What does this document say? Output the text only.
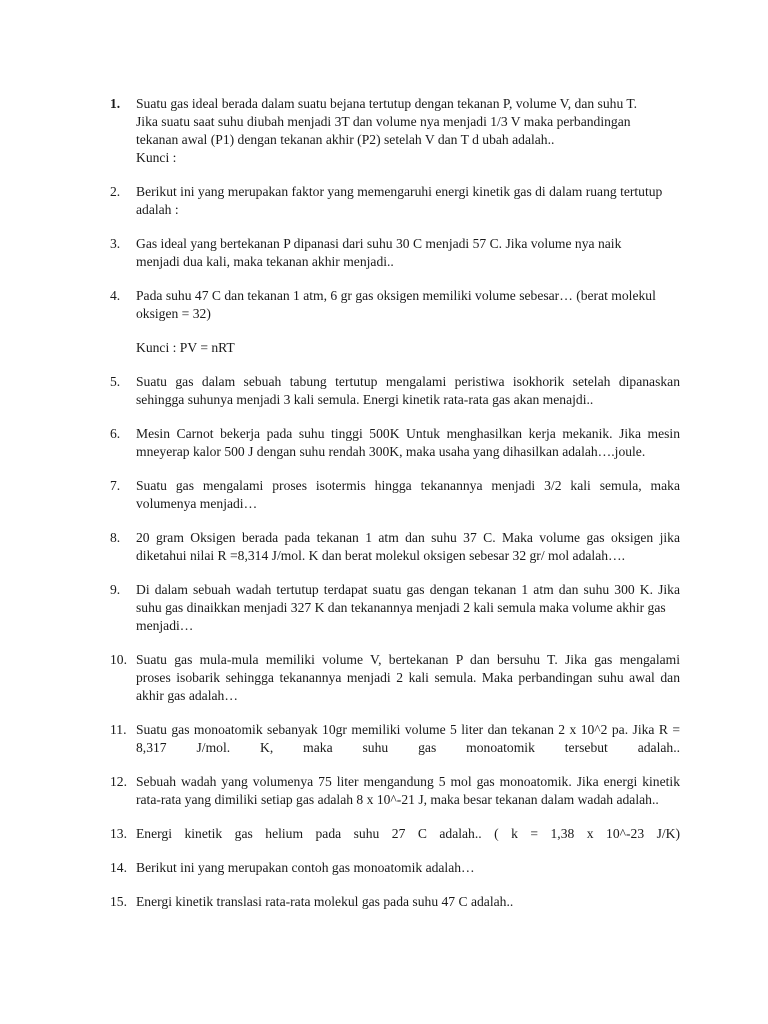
1. Suatu gas ideal berada dalam suatu bejana tertutup dengan tekanan P, volume V, dan suhu T.
Jika suatu saat suhu diubah menjadi 3T dan volume nya menjadi 1/3 V maka perbandingan
tekanan awal (P1) dengan tekanan akhir (P2) setelah V dan T d ubah adalah..
Kunci :
2. Berikut ini yang merupakan faktor yang memengaruhi energi kinetik gas di dalam ruang tertutup
adalah :
3. Gas ideal yang bertekanan P dipanasi dari suhu 30 C menjadi 57 C. Jika volume nya naik
menjadi dua kali, maka tekanan akhir menjadi..
4. Pada suhu 47 C dan tekanan 1 atm, 6 gr gas oksigen memiliki volume sebesar… (berat molekul
oksigen = 32)
Kunci : PV = nRT
5. Suatu gas dalam sebuah tabung tertutup mengalami peristiwa isokhorik setelah dipanaskan
sehingga suhunya menjadi 3 kali semula. Energi kinetik rata-rata gas akan menajdi..
6. Mesin Carnot bekerja pada suhu tinggi 500K Untuk menghasilkan kerja mekanik. Jika mesin
mneyerap kalor 500 J dengan suhu rendah 300K, maka usaha yang dihasilkan adalah….joule.
7. Suatu gas mengalami proses isotermis hingga tekanannya menjadi 3/2 kali semula, maka
volumenya menjadi…
8. 20 gram Oksigen berada pada tekanan 1 atm dan suhu 37 C. Maka volume gas oksigen jika
diketahui nilai R =8,314 J/mol. K dan berat molekul oksigen sebesar 32 gr/ mol adalah….
9. Di dalam sebuah wadah tertutup terdapat suatu gas dengan tekanan 1 atm dan suhu 300 K. Jika
suhu gas dinaikkan menjadi 327 K dan tekanannya menjadi 2 kali semula maka volume akhir gas
menjadi…
10. Suatu gas mula-mula memiliki volume V, bertekanan P dan bersuhu T. Jika gas mengalami
proses isobarik sehingga tekanannya menjadi 2 kali semula. Maka perbandingan suhu awal dan
akhir gas adalah…
11. Suatu gas monoatomik sebanyak 10gr memiliki volume 5 liter dan tekanan 2 x 10^2 pa. Jika R =
8,317 J/mol. K, maka suhu gas monoatomik tersebut adalah..
12. Sebuah wadah yang volumenya 75 liter mengandung 5 mol gas monoatomik. Jika energi kinetik
rata-rata yang dimiliki setiap gas adalah 8 x 10^-21 J, maka besar tekanan dalam wadah adalah..
13. Energi kinetik gas helium pada suhu 27 C adalah.. ( k = 1,38 x 10^-23 J/K)
14. Berikut ini yang merupakan contoh gas monoatomik adalah…
15. Energi kinetik translasi rata-rata molekul gas pada suhu 47 C adalah..
